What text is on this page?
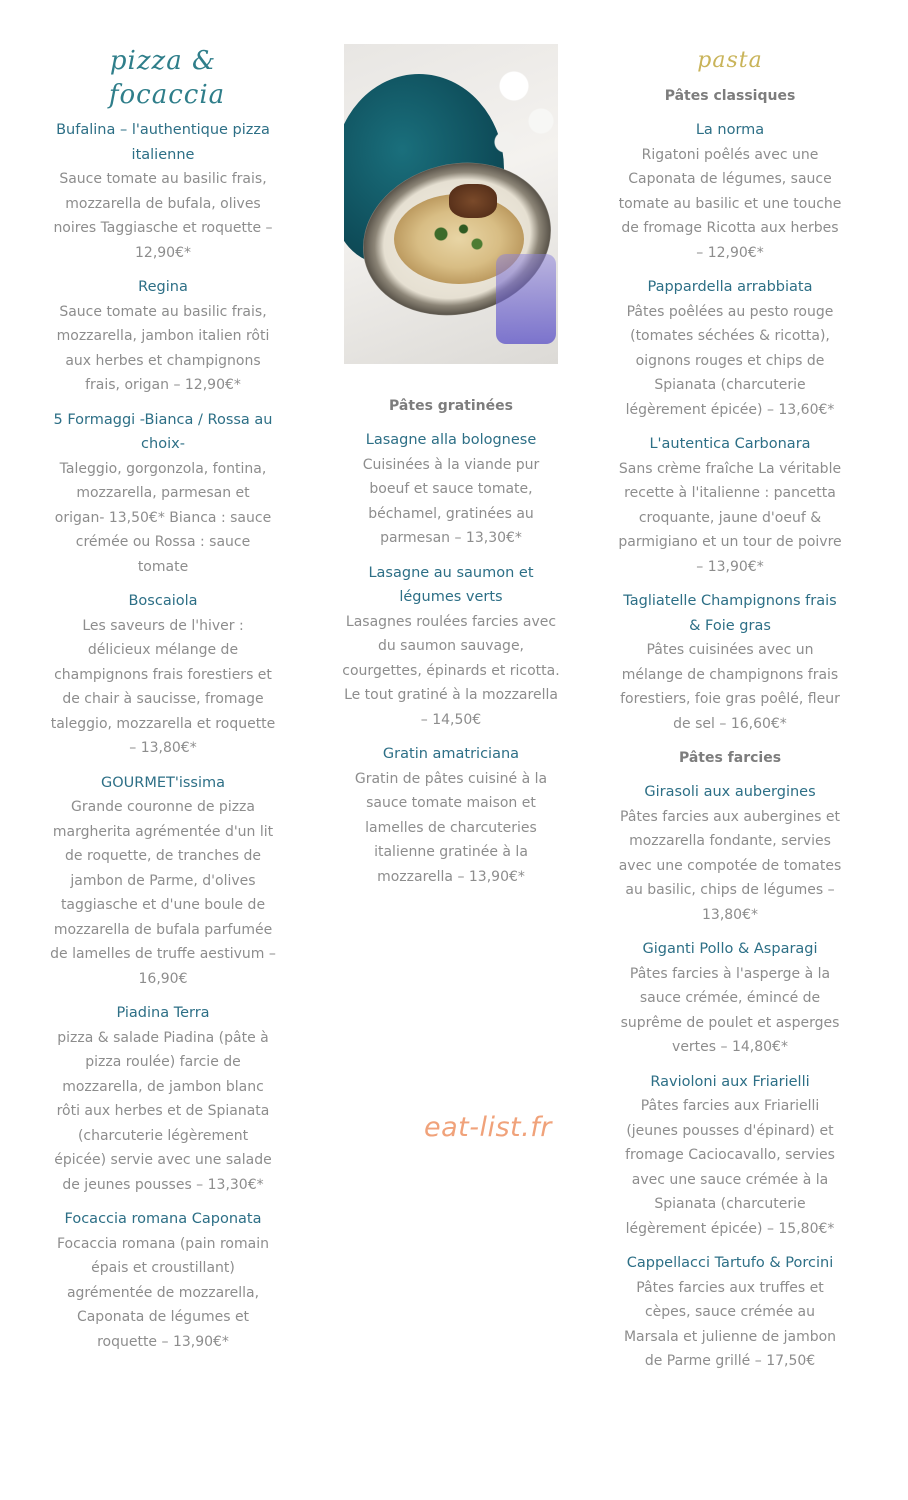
pizza &
focaccia
Bufalina – l'authentique pizza italienne
Sauce tomate au basilic frais, mozzarella de bufala, olives noires Taggiasche et roquette – 12,90€*
Regina
Sauce tomate au basilic frais, mozzarella, jambon italien rôti aux herbes et champignons frais, origan – 12,90€*
5 Formaggi -Bianca / Rossa au choix-
Taleggio, gorgonzola, fontina, mozzarella, parmesan et origan- 13,50€* Bianca : sauce crémée ou Rossa : sauce tomate
Boscaiola
Les saveurs de l'hiver : délicieux mélange de champignons frais forestiers et de chair à saucisse, fromage taleggio, mozzarella et roquette – 13,80€*
GOURMET'issima
Grande couronne de pizza margherita agrémentée d'un lit de roquette, de tranches de jambon de Parme, d'olives taggiasche et d'une boule de mozzarella de bufala parfumée de lamelles de truffe aestivum – 16,90€
Piadina Terra
pizza & salade Piadina (pâte à pizza roulée) farcie de mozzarella, de jambon blanc rôti aux herbes et de Spianata (charcuterie légèrement épicée) servie avec une salade de jeunes pousses – 13,30€*
Focaccia romana Caponata
Focaccia romana (pain romain épais et croustillant) agrémentée de mozzarella, Caponata de légumes et roquette – 13,90€*
Pâtes gratinées
Lasagne alla bolognese
Cuisinées à la viande pur boeuf et sauce tomate, béchamel, gratinées au parmesan – 13,30€*
Lasagne au saumon et légumes verts
Lasagnes roulées farcies avec du saumon sauvage, courgettes, épinards et ricotta. Le tout gratiné à la mozzarella – 14,50€
Gratin amatriciana
Gratin de pâtes cuisiné à la sauce tomate maison et lamelles de charcuteries italienne gratinée à la mozzarella – 13,90€*
pasta
Pâtes classiques
La norma
Rigatoni poêlés avec une Caponata de légumes, sauce tomate au basilic et une touche de fromage Ricotta aux herbes – 12,90€*
Pappardella arrabbiata
Pâtes poêlées au pesto rouge (tomates séchées & ricotta), oignons rouges et chips de Spianata (charcuterie légèrement épicée) – 13,60€*
L'autentica Carbonara
Sans crème fraîche La véritable recette à l'italienne : pancetta croquante, jaune d'oeuf & parmigiano et un tour de poivre – 13,90€*
Tagliatelle Champignons frais & Foie gras
Pâtes cuisinées avec un mélange de champignons frais forestiers, foie gras poêlé, fleur de sel – 16,60€*
Pâtes farcies
Girasoli aux aubergines
Pâtes farcies aux aubergines et mozzarella fondante, servies avec une compotée de tomates au basilic, chips de légumes – 13,80€*
Giganti Pollo & Asparagi
Pâtes farcies à l'asperge à la sauce crémée, émincé de suprême de poulet et asperges vertes – 14,80€*
Ravioloni aux Friarielli
Pâtes farcies aux Friarielli (jeunes pousses d'épinard) et fromage Caciocavallo, servies avec une sauce crémée à la Spianata (charcuterie légèrement épicée) – 15,80€*
Cappellacci Tartufo & Porcini
Pâtes farcies aux truffes et cèpes, sauce crémée au Marsala et julienne de jambon de Parme grillé – 17,50€
eat-list.fr
